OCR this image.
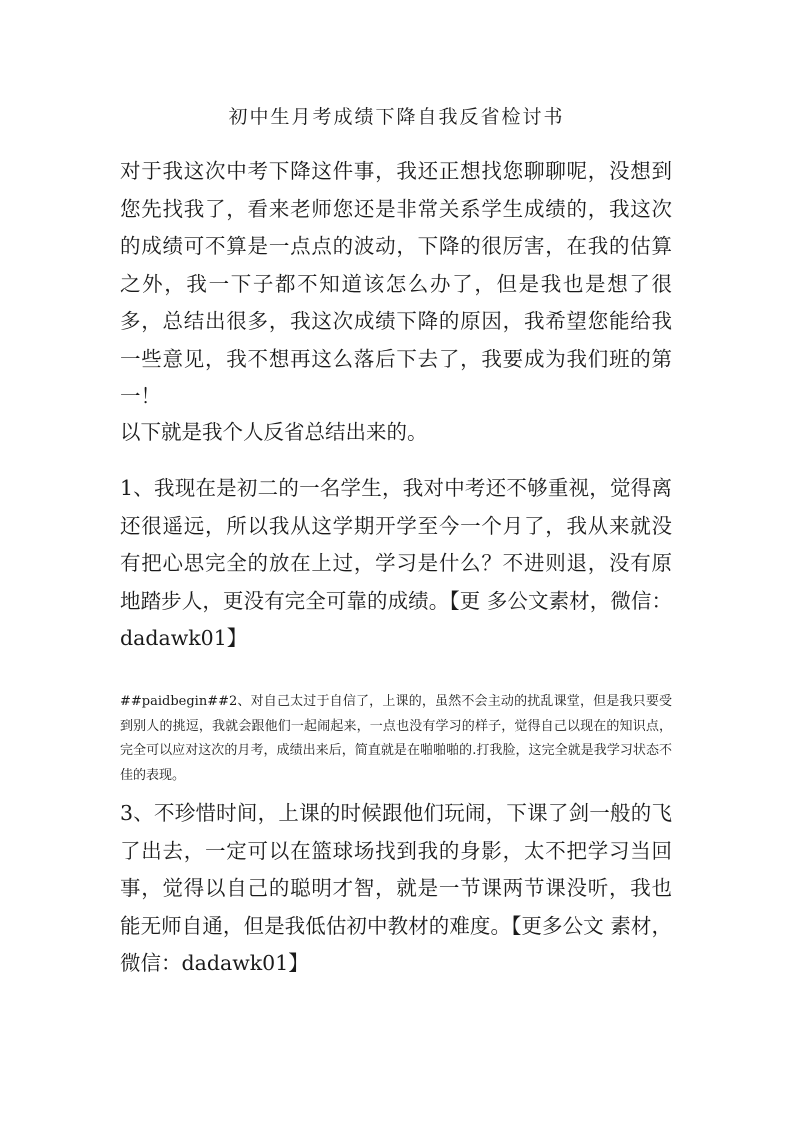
初中生月考成绩下降自我反省检讨书

对于我这次中考下降这件事，我还正想找您聊聊呢，没想到您先找我了，看来老师您还是非常关系学生成绩的，我这次的成绩可不算是一点点的波动，下降的很厉害，在我的估算之外，我一下子都不知道该怎么办了，但是我也是想了很多，总结出很多，我这次成绩下降的原因，我希望您能给我一些意见，我不想再这么落后下去了，我要成为我们班的第一！

以下就是我个人反省总结出来的。

1、我现在是初二的一名学生，我对中考还不够重视，觉得离还很遥远，所以我从这学期开学至今一个月了，我从来就没有把心思完全的放在上过，学习是什么？不进则退，没有原地踏步人，更没有完全可靠的成绩。【更 多公文素材，微信：dadawk01】

##paidbegin##2、对自己太过于自信了，上课的，虽然不会主动的扰乱课堂，但是我只要受到别人的挑逗，我就会跟他们一起闹起来，一点也没有学习的样子，觉得自己以现在的知识点，完全可以应对这次的月考，成绩出来后，简直就是在啪啪啪的.打我脸，这完全就是我学习状态不佳的表现。

3、不珍惜时间，上课的时候跟他们玩闹，下课了剑一般的飞了出去，一定可以在篮球场找到我的身影，太不把学习当回事，觉得以自己的聪明才智，就是一节课两节课没听，我也能无师自通，但是我低估初中教材的难度。【更多公文 素材，微信：dadawk01】
